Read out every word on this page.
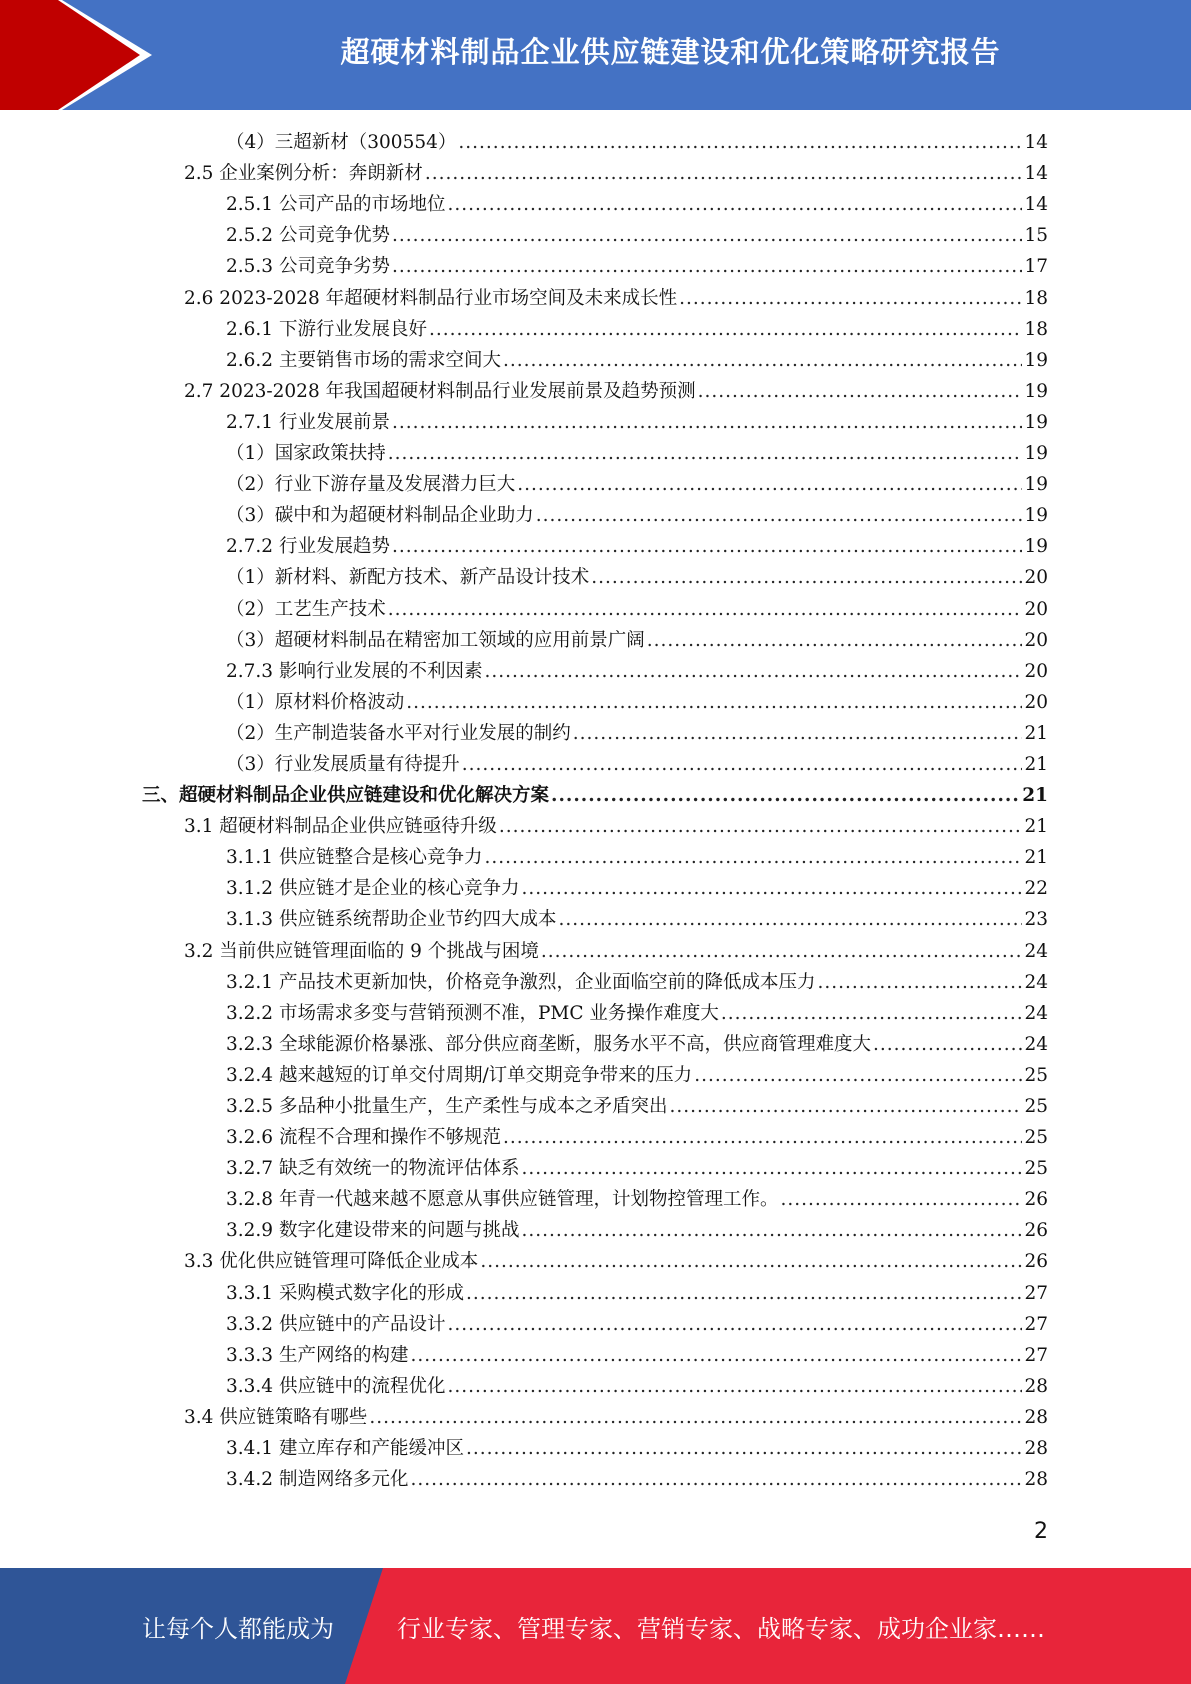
超硬材料制品企业供应链建设和优化策略研究报告
（4）三超新材（300554） .....	14
2.5 企业案例分析：奔朗新材 .....	14
2.5.1 公司产品的市场地位 .....	14
2.5.2 公司竞争优势 .....	15
2.5.3 公司竞争劣势 .....	17
2.6 2023-2028 年超硬材料制品行业市场空间及未来成长性 .....	18
2.6.1 下游行业发展良好 .....	18
2.6.2 主要销售市场的需求空间大 .....	19
2.7 2023-2028 年我国超硬材料制品行业发展前景及趋势预测 .....	19
2.7.1 行业发展前景 .....	19
（1）国家政策扶持 .....	19
（2）行业下游存量及发展潜力巨大 .....	19
（3）碳中和为超硬材料制品企业助力 .....	19
2.7.2 行业发展趋势 .....	19
（1）新材料、新配方技术、新产品设计技术 .....	20
（2）工艺生产技术 .....	20
（3）超硬材料制品在精密加工领域的应用前景广阔 .....	20
2.7.3 影响行业发展的不利因素 .....	20
（1）原材料价格波动 .....	20
（2）生产制造装备水平对行业发展的制约 .....	21
（3）行业发展质量有待提升 .....	21
三、超硬材料制品企业供应链建设和优化解决方案 .....	21
3.1 超硬材料制品企业供应链亟待升级 .....	21
3.1.1 供应链整合是核心竞争力 .....	21
3.1.2 供应链才是企业的核心竞争力 .....	22
3.1.3 供应链系统帮助企业节约四大成本 .....	23
3.2 当前供应链管理面临的 9 个挑战与困境 .....	24
3.2.1 产品技术更新加快，价格竞争激烈，企业面临空前的降低成本压力 .....	24
3.2.2 市场需求多变与营销预测不准，PMC 业务操作难度大 .....	24
3.2.3 全球能源价格暴涨、部分供应商垄断，服务水平不高，供应商管理难度大 .....	24
3.2.4 越来越短的订单交付周期/订单交期竞争带来的压力 .....	25
3.2.5 多品种小批量生产，生产柔性与成本之矛盾突出 .....	25
3.2.6 流程不合理和操作不够规范 .....	25
3.2.7 缺乏有效统一的物流评估体系 .....	25
3.2.8 年青一代越来越不愿意从事供应链管理，计划物控管理工作。 .....	26
3.2.9 数字化建设带来的问题与挑战 .....	26
3.3 优化供应链管理可降低企业成本 .....	26
3.3.1 采购模式数字化的形成 .....	27
3.3.2 供应链中的产品设计 .....	27
3.3.3 生产网络的构建 .....	27
3.3.4 供应链中的流程优化 .....	28
3.4 供应链策略有哪些 .....	28
3.4.1 建立库存和产能缓冲区 .....	28
3.4.2 制造网络多元化 .....	28
2
让每个人都能成为	行业专家、管理专家、营销专家、战略专家、成功企业家……
